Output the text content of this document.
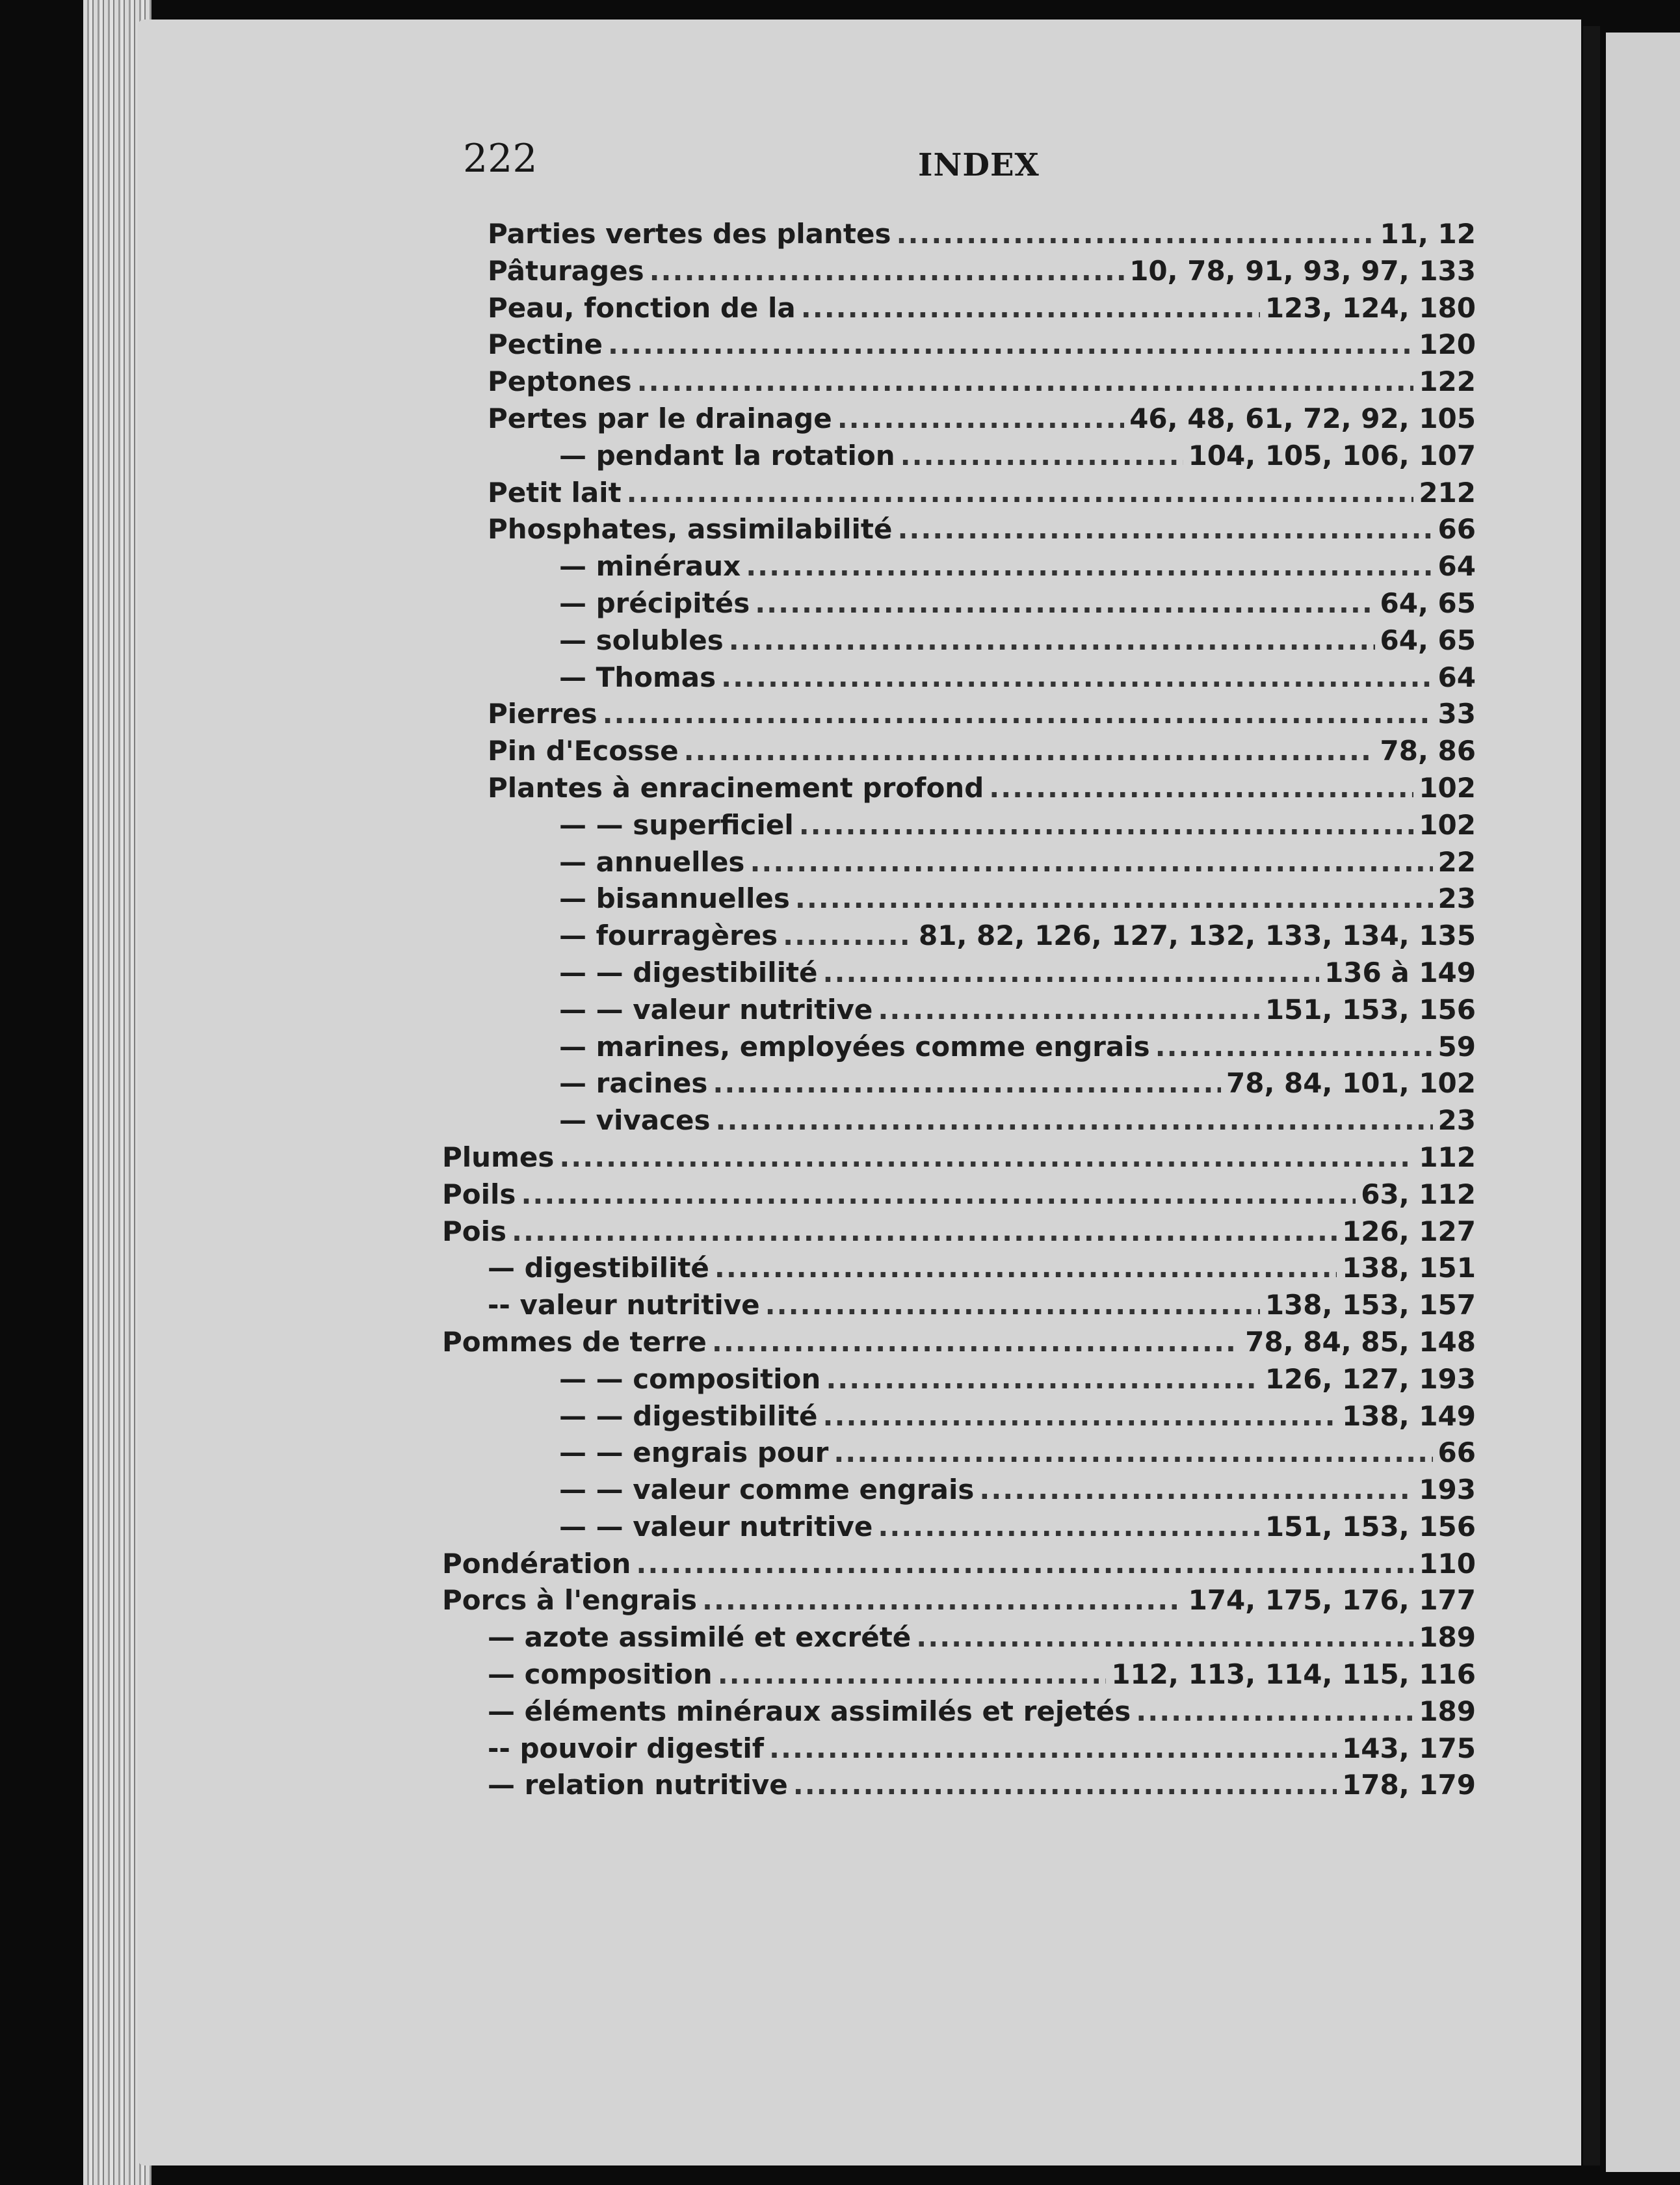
222	INDEX
Parties vertes des plantes .....	11, 12
Pâturages .....	10, 78, 91, 93, 97, 133
Peau, fonction de la .....	123, 124, 180
Pectine .....	120
Peptones .....	122
Pertes par le drainage .....	46, 48, 61, 72, 92, 105
— pendant la rotation .....	104, 105, 106, 107
Petit lait .....	212
Phosphates, assimilabilité .....	66
— minéraux .....	64
— précipités .....	64, 65
— solubles .....	64, 65
— Thomas .....	64
Pierres .....	33
Pin d'Ecosse .....	78, 86
Plantes à enracinement profond .....	102
— — superficiel .....	102
— annuelles .....	22
— bisannuelles .....	23
— fourragères .....	81, 82, 126, 127, 132, 133, 134, 135
— — digestibilité .....	136 à 149
— — valeur nutritive .....	151, 153, 156
— marines, employées comme engrais .....	59
— racines .....	78, 84, 101, 102
— vivaces .....	23
Plumes .....	112
Poils .....	63, 112
Pois .....	126, 127
— digestibilité .....	138, 151
-- valeur nutritive .....	138, 153, 157
Pommes de terre .....	78, 84, 85, 148
— — composition .....	126, 127, 193
— — digestibilité .....	138, 149
— — engrais pour .....	66
— — valeur comme engrais .....	193
— — valeur nutritive .....	151, 153, 156
Pondération .....	110
Porcs à l'engrais .....	174, 175, 176, 177
— azote assimilé et excrété .....	189
— composition .....	112, 113, 114, 115, 116
— éléments minéraux assimilés et rejetés .....	189
-- pouvoir digestif .....	143, 175
— relation nutritive .....	178, 179
